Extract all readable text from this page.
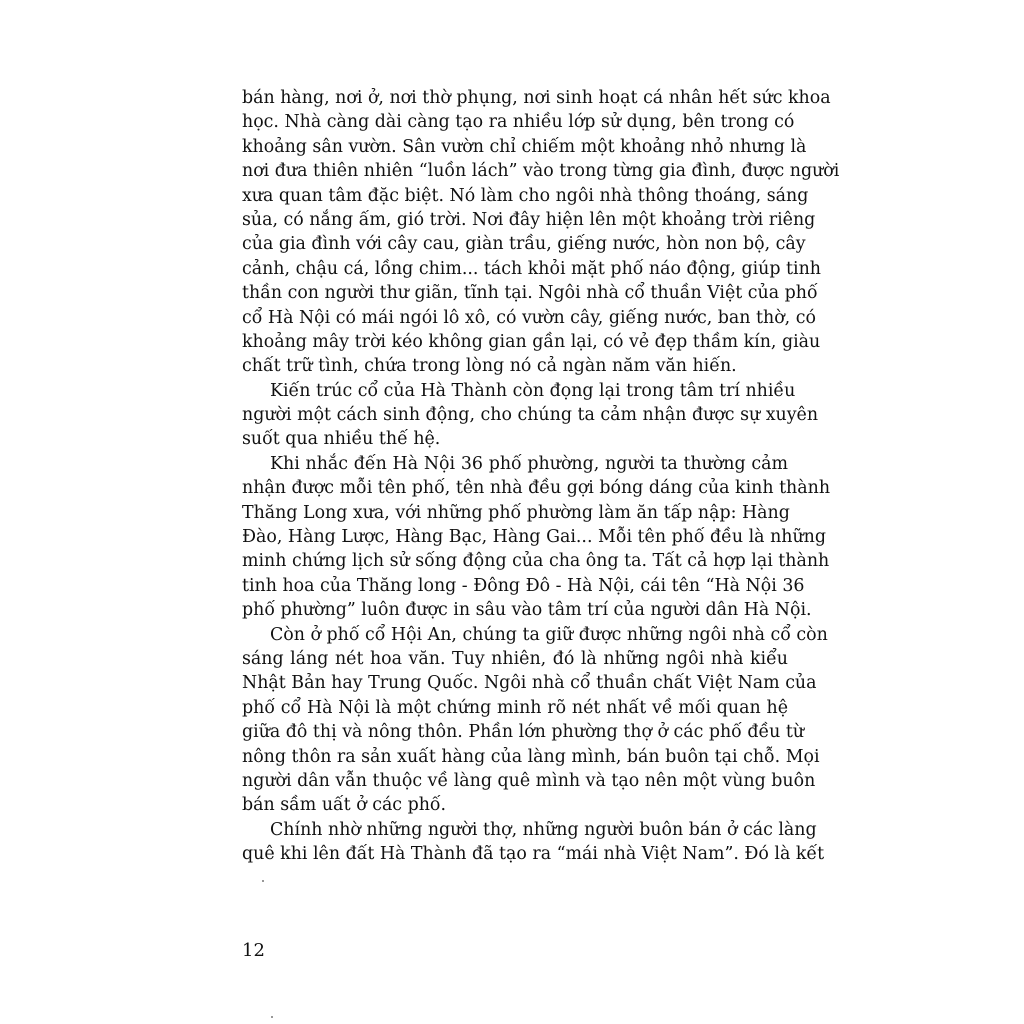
bán hàng, nơi ở, nơi thờ phụng, nơi sinh hoạt cá nhân hết sức khoa
học. Nhà càng dài càng tạo ra nhiều lớp sử dụng, bên trong có
khoảng sân vườn. Sân vườn chỉ chiếm một khoảng nhỏ nhưng là
nơi đưa thiên nhiên “luồn lách” vào trong từng gia đình, được người
xưa quan tâm đặc biệt. Nó làm cho ngôi nhà thông thoáng, sáng
sủa, có nắng ấm, gió trời. Nơi đây hiện lên một khoảng trời riêng
của gia đình với cây cau, giàn trầu, giếng nước, hòn non bộ, cây
cảnh, chậu cá, lồng chim... tách khỏi mặt phố náo động, giúp tinh
thần con người thư giãn, tĩnh tại. Ngôi nhà cổ thuần Việt của phố
cổ Hà Nội có mái ngói lô xô, có vườn cây, giếng nước, ban thờ, có
khoảng mây trời kéo không gian gần lại, có vẻ đẹp thầm kín, giàu
chất trữ tình, chứa trong lòng nó cả ngàn năm văn hiến.
Kiến trúc cổ của Hà Thành còn đọng lại trong tâm trí nhiều
người một cách sinh động, cho chúng ta cảm nhận được sự xuyên
suốt qua nhiều thế hệ.
Khi nhắc đến Hà Nội 36 phố phường, người ta thường cảm
nhận được mỗi tên phố, tên nhà đều gợi bóng dáng của kinh thành
Thăng Long xưa, với những phố phường làm ăn tấp nập: Hàng
Đào, Hàng Lược, Hàng Bạc, Hàng Gai... Mỗi tên phố đều là những
minh chứng lịch sử sống động của cha ông ta. Tất cả hợp lại thành
tinh hoa của Thăng long - Đông Đô - Hà Nội, cái tên “Hà Nội 36
phố phường” luôn được in sâu vào tâm trí của người dân Hà Nội.
Còn ở phố cổ Hội An, chúng ta giữ được những ngôi nhà cổ còn
sáng láng nét hoa văn. Tuy nhiên, đó là những ngôi nhà kiểu
Nhật Bản hay Trung Quốc. Ngôi nhà cổ thuần chất Việt Nam của
phố cổ Hà Nội là một chứng minh rõ nét nhất về mối quan hệ
giữa đô thị và nông thôn. Phần lớn phường thợ ở các phố đều từ
nông thôn ra sản xuất hàng của làng mình, bán buôn tại chỗ. Mọi
người dân vẫn thuộc về làng quê mình và tạo nên một vùng buôn
bán sầm uất ở các phố.
Chính nhờ những người thợ, những người buôn bán ở các làng
quê khi lên đất Hà Thành đã tạo ra “mái nhà Việt Nam”. Đó là kết
12
